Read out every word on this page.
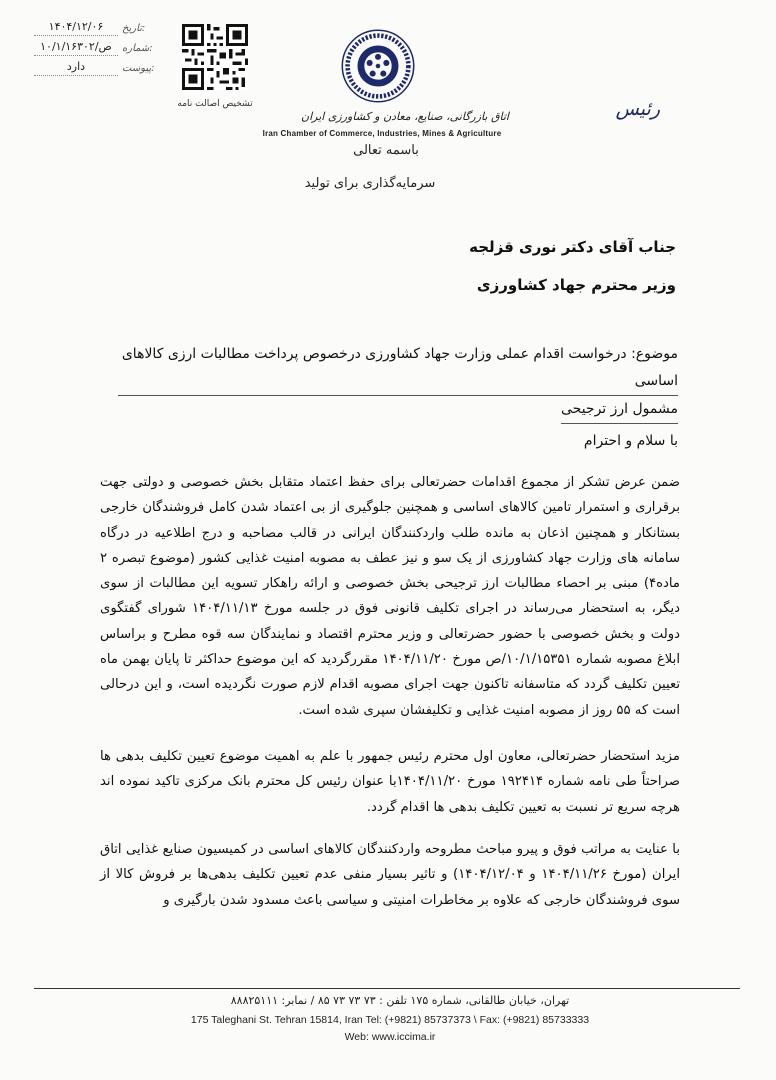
۱۴۰۴/۱۲/۰۶	تاریخ:
۱۰/۱/۱۶۳۰۲/ص	شماره:
دارد	پیوست:
تشخیص اصالت نامه
اتاق بازرگانی، صنایع، معادن و کشاورزی ایران
Iran Chamber of Commerce, Industries, Mines & Agriculture
رئیس
باسمه تعالی
سرمایه‌گذاری برای تولید
جناب آقای دکتر نوری قزلجه
وزیر محترم جهاد کشاورزی
موضوع: درخواست اقدام عملی وزارت جهاد کشاورزی درخصوص پرداخت مطالبات ارزی کالاهای اساسی
مشمول ارز ترجیحی
با سلام و احترام
ضمن عرض تشکر از مجموع اقدامات حضرتعالی برای حفظ اعتماد متقابل بخش خصوصی و دولتی جهت برقراری و استمرار تامین کالاهای اساسی و همچنین جلوگیری از بی اعتماد شدن کامل فروشندگان خارجی بستانکار و همچنین اذعان به مانده طلب واردکنندگان ایرانی در قالب مصاحبه و درج اطلاعیه در درگاه سامانه های وزارت جهاد کشاورزی از یک سو و نیز عطف به مصوبه امنیت غذایی کشور (موضوع تبصره ۲ ماده۴) مبنی بر احصاء مطالبات ارز ترجیحی بخش خصوصی و ارائه راهکار تسویه این مطالبات از سوی دیگر، به استحضار می‌رساند در اجرای تکلیف قانونی فوق در جلسه مورخ ۱۴۰۴/۱۱/۱۳ شورای گفتگوی دولت و بخش خصوصی با حضور حضرتعالی و وزیر محترم اقتصاد و نمایندگان سه قوه مطرح و براساس ابلاغ مصوبه شماره ۱۰/۱/۱۵۳۵۱/ص مورخ ۱۴۰۴/۱۱/۲۰ مقررگردید که این موضوع حداکثر تا پایان بهمن ماه تعیین تکلیف گردد که متاسفانه تاکنون جهت اجرای مصوبه اقدام لازم صورت نگردیده است، و این درحالی است که ۵۵ روز از مصوبه امنیت غذایی و تکلیفشان سپری شده است.
مزید استحضار حضرتعالی، معاون اول محترم رئیس جمهور با علم به اهمیت موضوع تعیین تکلیف بدهی ها صراحتاً طی نامه شماره ۱۹۲۴۱۴ مورخ ۱۴۰۴/۱۱/۲۰با عنوان رئیس کل محترم بانک مرکزی تاکید نموده اند هرچه سریع تر نسبت به تعیین تکلیف بدهی ها اقدام گردد.
با عنایت به مراتب فوق و پیرو مباحث مطروحه واردکنندگان کالاهای اساسی در کمیسیون صنایع غذایی اتاق ایران (مورخ ۱۴۰۴/۱۱/۲۶ و ۱۴۰۴/۱۲/۰۴) و تاثیر بسیار منفی عدم تعیین تکلیف بدهی‌ها بر فروش کالا از سوی فروشندگان خارجی که علاوه بر مخاطرات امنیتی و سیاسی باعث مسدود شدن بارگیری و
تهران، خیابان طالقانی، شماره ۱۷۵ تلفن : ۷۳ ۷۳ ۷۳ ۸۵ / نمابر: ۸۸۸۲۵۱۱۱
175 Taleghani St. Tehran 15814, Iran Tel: (+9821) 85737373 \ Fax: (+9821) 85733333
Web: www.iccima.ir
